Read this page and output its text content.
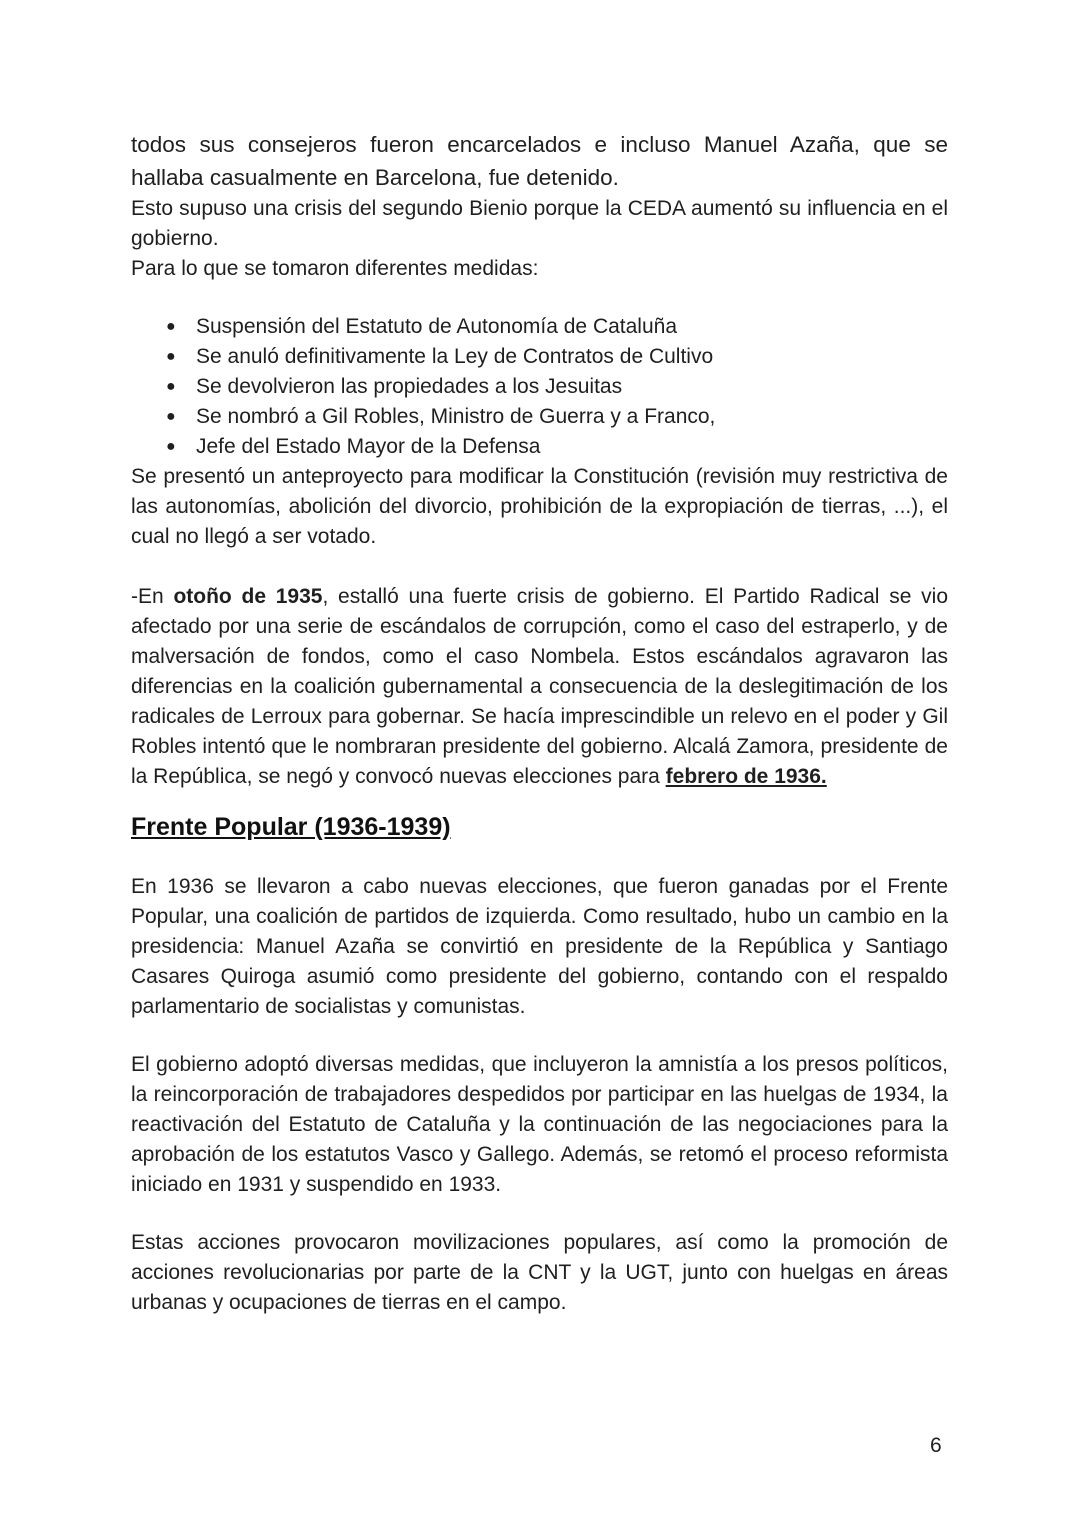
todos sus consejeros fueron encarcelados e incluso Manuel Azaña, que se hallaba casualmente en Barcelona, fue detenido.

Esto supuso una crisis del segundo Bienio porque la CEDA aumentó su influencia en el gobierno.

Para lo que se tomaron diferentes medidas:

● Suspensión del Estatuto de Autonomía de Cataluña
● Se anuló definitivamente la Ley de Contratos de Cultivo
● Se devolvieron las propiedades a los Jesuitas
● Se nombró a Gil Robles, Ministro de Guerra y a Franco,
● Jefe del Estado Mayor de la Defensa

Se presentó un anteproyecto para modificar la Constitución (revisión muy restrictiva de las autonomías, abolición del divorcio, prohibición de la expropiación de tierras, ...), el cual no llegó a ser votado.

-En otoño de 1935, estalló una fuerte crisis de gobierno. El Partido Radical se vio afectado por una serie de escándalos de corrupción, como el caso del estraperlo, y de malversación de fondos, como el caso Nombela. Estos escándalos agravaron las diferencias en la coalición gubernamental a consecuencia de la deslegitimación de los radicales de Lerroux para gobernar. Se hacía imprescindible un relevo en el poder y Gil Robles intentó que le nombraran presidente del gobierno. Alcalá Zamora, presidente de la República, se negó y convocó nuevas elecciones para febrero de 1936.

Frente Popular (1936-1939)

En 1936 se llevaron a cabo nuevas elecciones, que fueron ganadas por el Frente Popular, una coalición de partidos de izquierda. Como resultado, hubo un cambio en la presidencia: Manuel Azaña se convirtió en presidente de la República y Santiago Casares Quiroga asumió como presidente del gobierno, contando con el respaldo parlamentario de socialistas y comunistas.

El gobierno adoptó diversas medidas, que incluyeron la amnistía a los presos políticos, la reincorporación de trabajadores despedidos por participar en las huelgas de 1934, la reactivación del Estatuto de Cataluña y la continuación de las negociaciones para la aprobación de los estatutos Vasco y Gallego. Además, se retomó el proceso reformista iniciado en 1931 y suspendido en 1933.

Estas acciones provocaron movilizaciones populares, así como la promoción de acciones revolucionarias por parte de la CNT y la UGT, junto con huelgas en áreas urbanas y ocupaciones de tierras en el campo.

6
